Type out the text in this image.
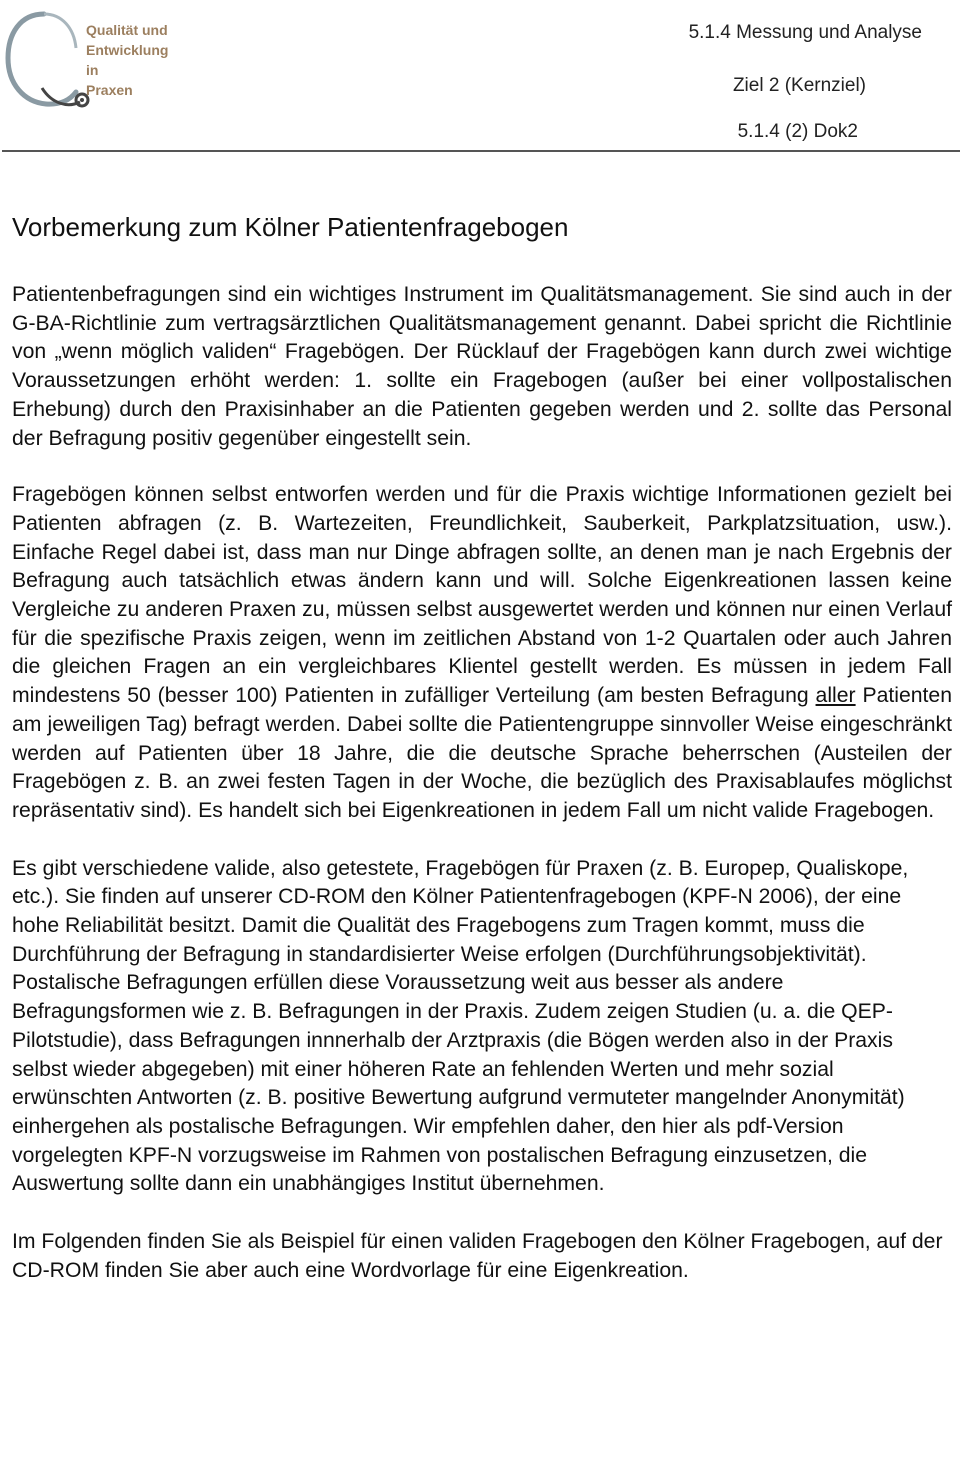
Qualität und
Entwicklung in
Praxen
5.1.4 Messung und Analyse
Ziel 2 (Kernziel)
5.1.4 (2) Dok2
Vorbemerkung zum Kölner Patientenfragebogen

Patientenbefragungen sind ein wichtiges Instrument im Qualitätsmanagement. Sie sind auch in der G-BA-Richtlinie zum vertragsärztlichen Qualitätsmanagement genannt. Dabei spricht die Richtlinie von „wenn möglich validen“ Fragebögen. Der Rücklauf der Fragebögen kann durch zwei wichtige Voraussetzungen erhöht werden: 1. sollte ein Fragebogen (außer bei einer vollpostalischen Erhebung) durch den Praxisinhaber an die Patienten gegeben werden und 2. sollte das Personal der Befragung positiv gegenüber eingestellt sein.

Fragebögen können selbst entworfen werden und für die Praxis wichtige Informationen gezielt bei Patienten abfragen (z. B. Wartezeiten, Freundlichkeit, Sauberkeit, Parkplatzsituation, usw.). Einfache Regel dabei ist, dass man nur Dinge abfragen sollte, an denen man je nach Ergebnis der Befragung auch tatsächlich etwas ändern kann und will. Solche Eigenkreationen lassen keine Vergleiche zu anderen Praxen zu, müssen selbst ausgewertet werden und können nur einen Verlauf für die spezifische Praxis zeigen, wenn im zeitlichen Abstand von 1-2 Quartalen oder auch Jahren die gleichen Fragen an ein vergleichbares Klientel gestellt werden. Es müssen in jedem Fall mindestens 50 (besser 100) Patienten in zufälliger Verteilung (am besten Befragung aller Patienten am jeweiligen Tag) befragt werden. Dabei sollte die Patientengruppe sinnvoller Weise eingeschränkt werden auf Patienten über 18 Jahre, die die deutsche Sprache beherrschen (Austeilen der Fragebögen z. B. an zwei festen Tagen in der Woche, die bezüglich des Praxisablaufes möglichst repräsentativ sind). Es handelt sich bei Eigenkreationen in jedem Fall um nicht valide Fragebogen.

Es gibt verschiedene valide, also getestete, Fragebögen für Praxen (z. B. Europep, Qualiskope, etc.). Sie finden auf unserer CD-ROM den Kölner Patientenfragebogen (KPF-N 2006), der eine hohe Reliabilität besitzt. Damit die Qualität des Fragebogens zum Tragen kommt, muss die Durchführung der Befragung in standardisierter Weise erfolgen (Durchführungsobjektivität). Postalische Befragungen erfüllen diese Voraussetzung weit aus besser als andere Befragungsformen wie z. B. Befragungen in der Praxis. Zudem zeigen Studien (u. a. die QEP-Pilotstudie), dass Befragungen innnerhalb der Arztpraxis (die Bögen werden also in der Praxis selbst wieder abgegeben) mit einer höheren Rate an fehlenden Werten und mehr sozial erwünschten Antworten (z. B. positive Bewertung aufgrund vermuteter mangelnder Anonymität) einhergehen als postalische Befragungen. Wir empfehlen daher, den hier als pdf-Version vorgelegten KPF-N vorzugsweise im Rahmen von postalischen Befragung einzusetzen, die Auswertung sollte dann ein unabhängiges Institut übernehmen.

Im Folgenden finden Sie als Beispiel für einen validen Fragebogen den Kölner Fragebogen, auf der CD-ROM finden Sie aber auch eine Wordvorlage für eine Eigenkreation.
